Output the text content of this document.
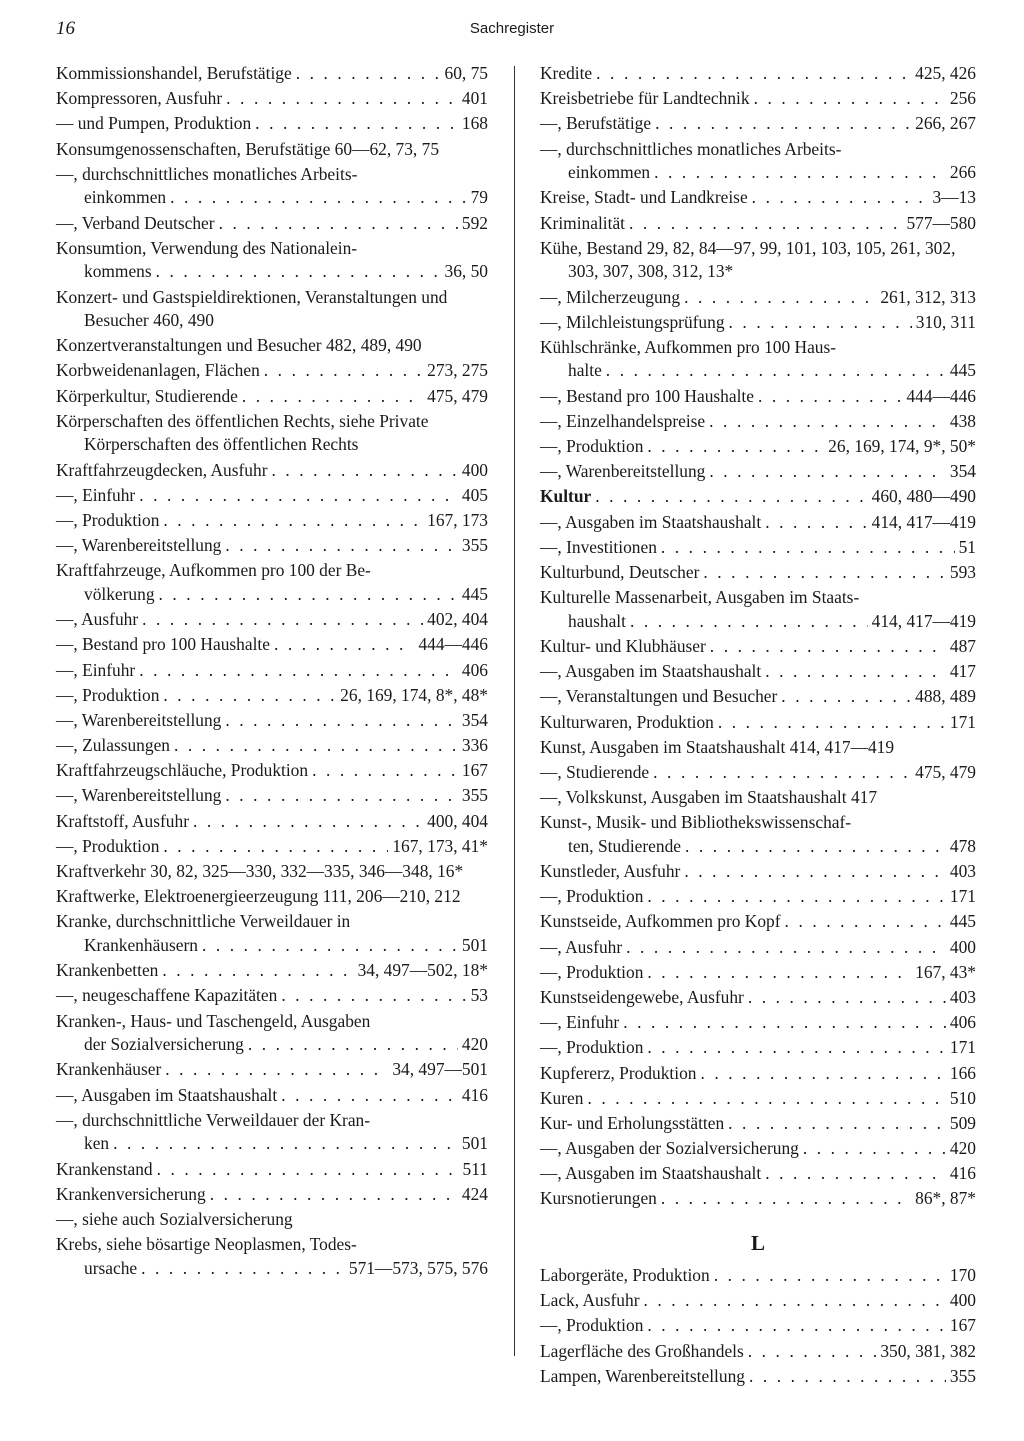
16	Sachregister
Kommissionshandel, Berufstätige . . .	60, 75
Kompressoren, Ausfuhr . . .	401
— und Pumpen, Produktion . . .	168
Konsumgenossenschaften, Berufstätige 60—62, 73, 75
—, durchschnittliches monatliches Arbeits-
einkommen . . .	79
—, Verband Deutscher . . .	592
Konsumtion, Verwendung des Nationalein-
kommens . . .	36, 50
Konzert- und Gastspieldirektionen, Veranstaltungen und Besucher 460, 490
Konzertveranstaltungen und Besucher 482, 489, 490
Korbweidenanlagen, Flächen . . .	273, 275
Körperkultur, Studierende . . .	475, 479
Körperschaften des öffentlichen Rechts, siehe Private Körperschaften des öffentlichen Rechts
Kraftfahrzeugdecken, Ausfuhr . . .	400
—, Einfuhr . . .	405
—, Produktion . . .	167, 173
—, Warenbereitstellung . . .	355
Kraftfahrzeuge, Aufkommen pro 100 der Be-
völkerung . . .	445
—, Ausfuhr . . .	402, 404
—, Bestand pro 100 Haushalte . . .	444—446
—, Einfuhr . . .	406
—, Produktion . . .	26, 169, 174, 8*, 48*
—, Warenbereitstellung . . .	354
—, Zulassungen . . .	336
Kraftfahrzeugschläuche, Produktion . . .	167
—, Warenbereitstellung . . .	355
Kraftstoff, Ausfuhr . . .	400, 404
—, Produktion . . .	167, 173, 41*
Kraftverkehr 30, 82, 325—330, 332—335, 346—348, 16*
Kraftwerke, Elektroenergieerzeugung 111, 206—210, 212
Kranke, durchschnittliche Verweildauer in
Krankenhäusern . . .	501
Krankenbetten . . .	34, 497—502, 18*
—, neugeschaffene Kapazitäten . . .	53
Kranken-, Haus- und Taschengeld, Ausgaben
der Sozialversicherung . . .	420
Krankenhäuser . . .	34, 497—501
—, Ausgaben im Staatshaushalt . . .	416
—, durchschnittliche Verweildauer der Kran-
ken . . .	501
Krankenstand . . .	511
Krankenversicherung . . .	424
—, siehe auch Sozialversicherung
Krebs, siehe bösartige Neoplasmen, Todes-
ursache . . .	571—573, 575, 576
Kredite . . .	425, 426
Kreisbetriebe für Landtechnik . . .	256
—, Berufstätige . . .	266, 267
—, durchschnittliches monatliches Arbeits-
einkommen . . .	266
Kreise, Stadt- und Landkreise . . .	3—13
Kriminalität . . .	577—580
Kühe, Bestand 29, 82, 84—97, 99, 101, 103, 105, 261, 302, 303, 307, 308, 312, 13*
—, Milcherzeugung . . .	261, 312, 313
—, Milchleistungsprüfung . . .	310, 311
Kühlschränke, Aufkommen pro 100 Haus-
halte . . .	445
—, Bestand pro 100 Haushalte . . .	444—446
—, Einzelhandelspreise . . .	438
—, Produktion . . .	26, 169, 174, 9*, 50*
—, Warenbereitstellung . . .	354
Kultur . . .	460, 480—490
—, Ausgaben im Staatshaushalt . . .	414, 417—419
—, Investitionen . . .	51
Kulturbund, Deutscher . . .	593
Kulturelle Massenarbeit, Ausgaben im Staats-
haushalt . . .	414, 417—419
Kultur- und Klubhäuser . . .	487
—, Ausgaben im Staatshaushalt . . .	417
—, Veranstaltungen und Besucher . . .	488, 489
Kulturwaren, Produktion . . .	171
Kunst, Ausgaben im Staatshaushalt 414, 417—419
—, Studierende . . .	475, 479
—, Volkskunst, Ausgaben im Staatshaushalt 417
Kunst-, Musik- und Bibliothekswissenschaf-
ten, Studierende . . .	478
Kunstleder, Ausfuhr . . .	403
—, Produktion . . .	171
Kunstseide, Aufkommen pro Kopf . . .	445
—, Ausfuhr . . .	400
—, Produktion . . .	167, 43*
Kunstseidengewebe, Ausfuhr . . .	403
—, Einfuhr . . .	406
—, Produktion . . .	171
Kupfererz, Produktion . . .	166
Kuren . . .	510
Kur- und Erholungsstätten . . .	509
—, Ausgaben der Sozialversicherung . . .	420
—, Ausgaben im Staatshaushalt . . .	416
Kursnotierungen . . .	86*, 87*
L
Laborgeräte, Produktion . . .	170
Lack, Ausfuhr . . .	400
—, Produktion . . .	167
Lagerfläche des Großhandels . . .	350, 381, 382
Lampen, Warenbereitstellung . . .	355
